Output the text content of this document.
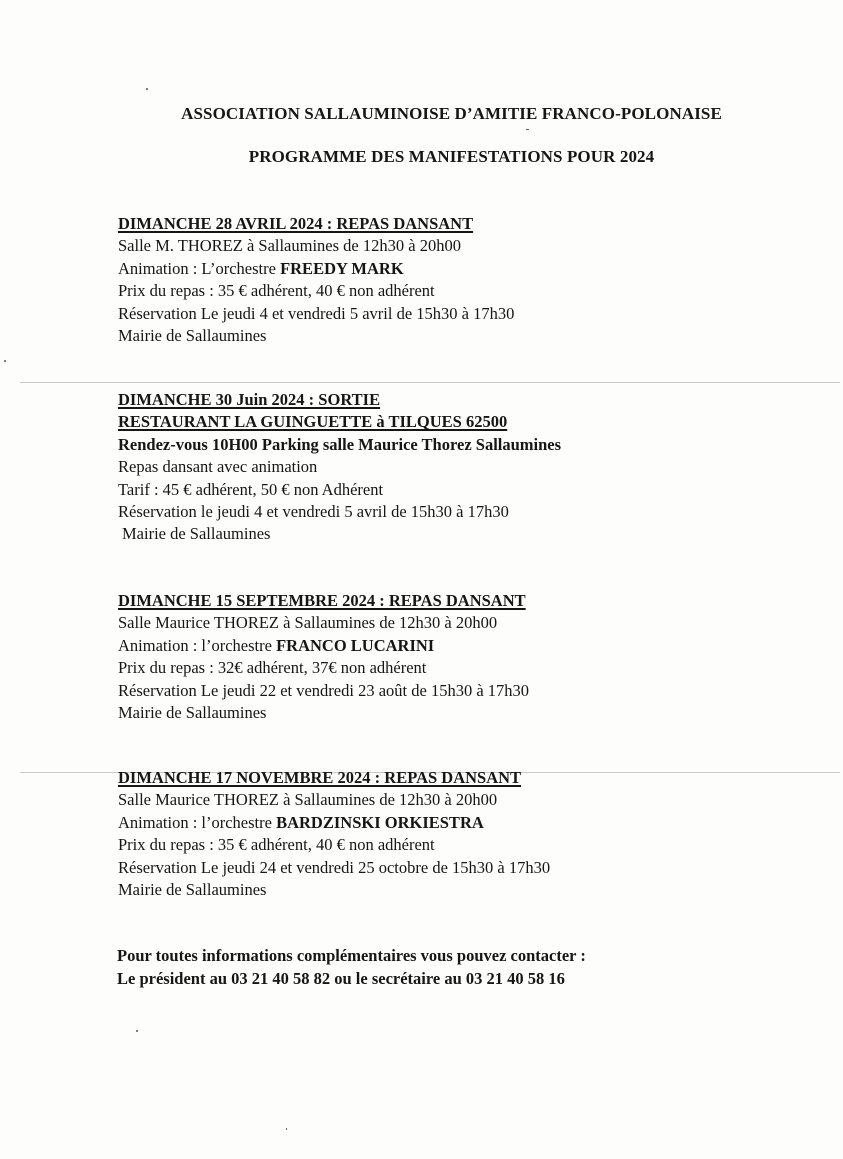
ASSOCIATION SALLAUMINOISE D’AMITIE FRANCO-POLONAISE
PROGRAMME DES MANIFESTATIONS POUR 2024
DIMANCHE 28 AVRIL 2024 : REPAS DANSANT
Salle M. THOREZ à Sallaumines de 12h30 à 20h00
Animation : L’orchestre FREEDY MARK
Prix du repas : 35 € adhérent, 40 € non adhérent
Réservation Le jeudi 4 et vendredi 5 avril de 15h30 à 17h30
Mairie de Sallaumines
DIMANCHE 30 Juin 2024 : SORTIE
RESTAURANT LA GUINGUETTE à TILQUES 62500
Rendez-vous 10H00 Parking salle Maurice Thorez Sallaumines
Repas dansant avec animation
Tarif : 45 € adhérent, 50 € non Adhérent
Réservation le jeudi 4 et vendredi 5 avril de 15h30 à 17h30
Mairie de Sallaumines
DIMANCHE 15 SEPTEMBRE 2024 : REPAS DANSANT
Salle Maurice THOREZ à Sallaumines de 12h30 à 20h00
Animation : l’orchestre FRANCO LUCARINI
Prix du repas : 32€ adhérent, 37€ non adhérent
Réservation Le jeudi 22 et vendredi 23 août de 15h30 à 17h30
Mairie de Sallaumines
DIMANCHE 17 NOVEMBRE 2024 : REPAS DANSANT
Salle Maurice THOREZ à Sallaumines de 12h30 à 20h00
Animation : l’orchestre BARDZINSKI ORKIESTRA
Prix du repas : 35 € adhérent, 40 € non adhérent
Réservation Le jeudi 24 et vendredi 25 octobre de 15h30 à 17h30
Mairie de Sallaumines
Pour toutes informations complémentaires vous pouvez contacter :
Le président au 03 21 40 58 82 ou le secrétaire au 03 21 40 58 16
